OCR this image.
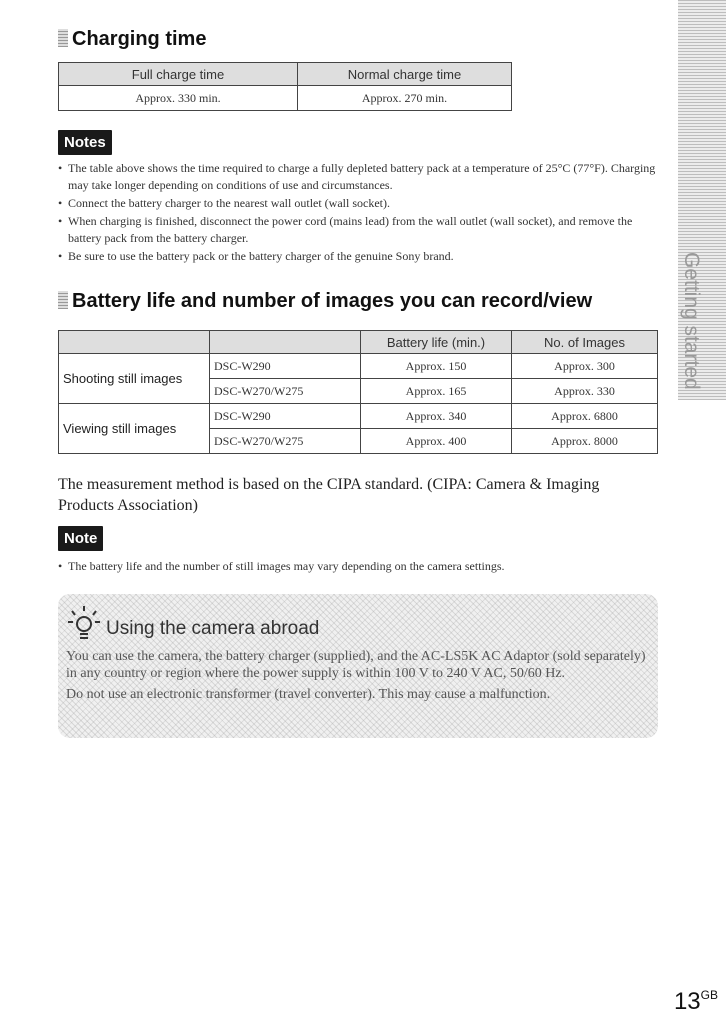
Getting started
Charging time
Full charge time	Normal charge time
Approx. 330 min.	Approx. 270 min.
Notes
• The table above shows the time required to charge a fully depleted battery pack at a temperature of 25°C (77°F). Charging may take longer depending on conditions of use and circumstances.
• Connect the battery charger to the nearest wall outlet (wall socket).
• When charging is finished, disconnect the power cord (mains lead) from the wall outlet (wall socket), and remove the battery pack from the battery charger.
• Be sure to use the battery pack or the battery charger of the genuine Sony brand.
Battery life and number of images you can record/view
		Battery life (min.)	No. of Images
Shooting still images	DSC-W290	Approx. 150	Approx. 300
	DSC-W270/W275	Approx. 165	Approx. 330
Viewing still images	DSC-W290	Approx. 340	Approx. 6800
	DSC-W270/W275	Approx. 400	Approx. 8000

The measurement method is based on the CIPA standard. (CIPA: Camera & Imaging Products Association)

Note
• The battery life and the number of still images may vary depending on the camera settings.

Using the camera abroad

You can use the camera, the battery charger (supplied), and the AC-LS5K AC Adaptor (sold separately) in any country or region where the power supply is within 100 V to 240 V AC, 50/60 Hz.

Do not use an electronic transformer (travel converter). This may cause a malfunction.

$13^{GB}$
